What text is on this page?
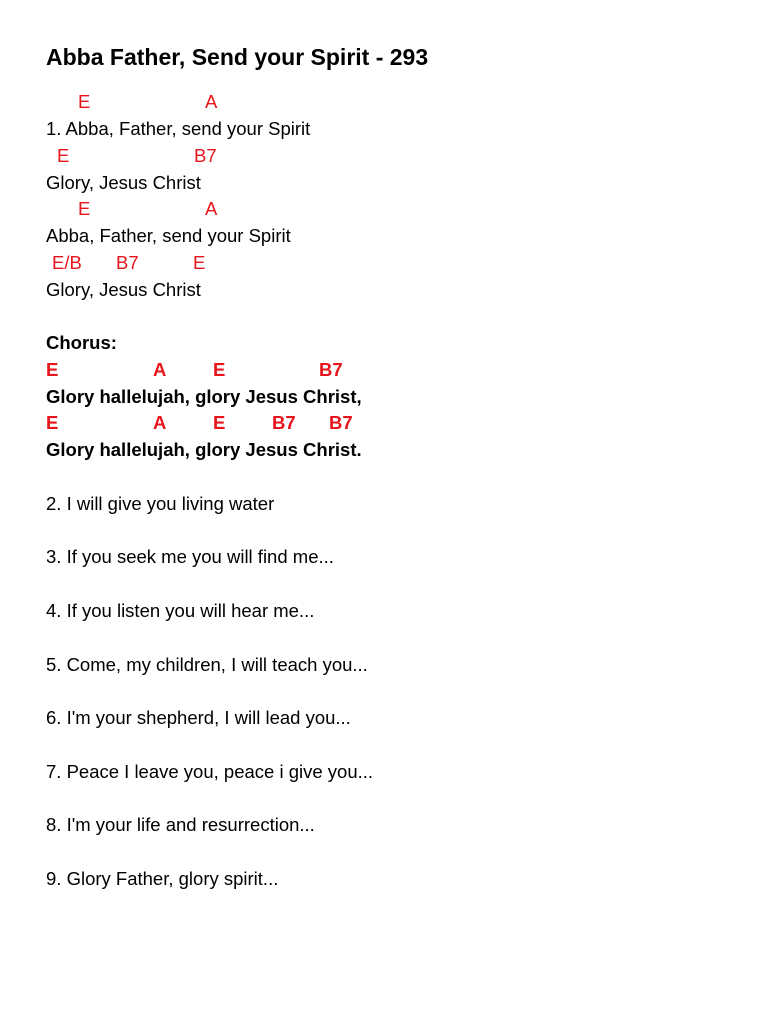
Abba Father, Send your Spirit - 293
E	A
1. Abba, Father, send your Spirit
E	B7
Glory, Jesus Christ
E	A
Abba, Father, send your Spirit
E/B B7	E
Glory, Jesus Christ
Chorus:
E	A	E	B7
Glory hallelujah, glory Jesus Christ,
E	A	E	B7 B7
Glory hallelujah, glory Jesus Christ.
2. I will give you living water
3. If you seek me you will find me...
4. If you listen you will hear me...
5. Come, my children, I will teach you...
6. I'm your shepherd, I will lead you...
7. Peace I leave you, peace i give you...
8. I'm your life and resurrection...
9. Glory Father, glory spirit...
